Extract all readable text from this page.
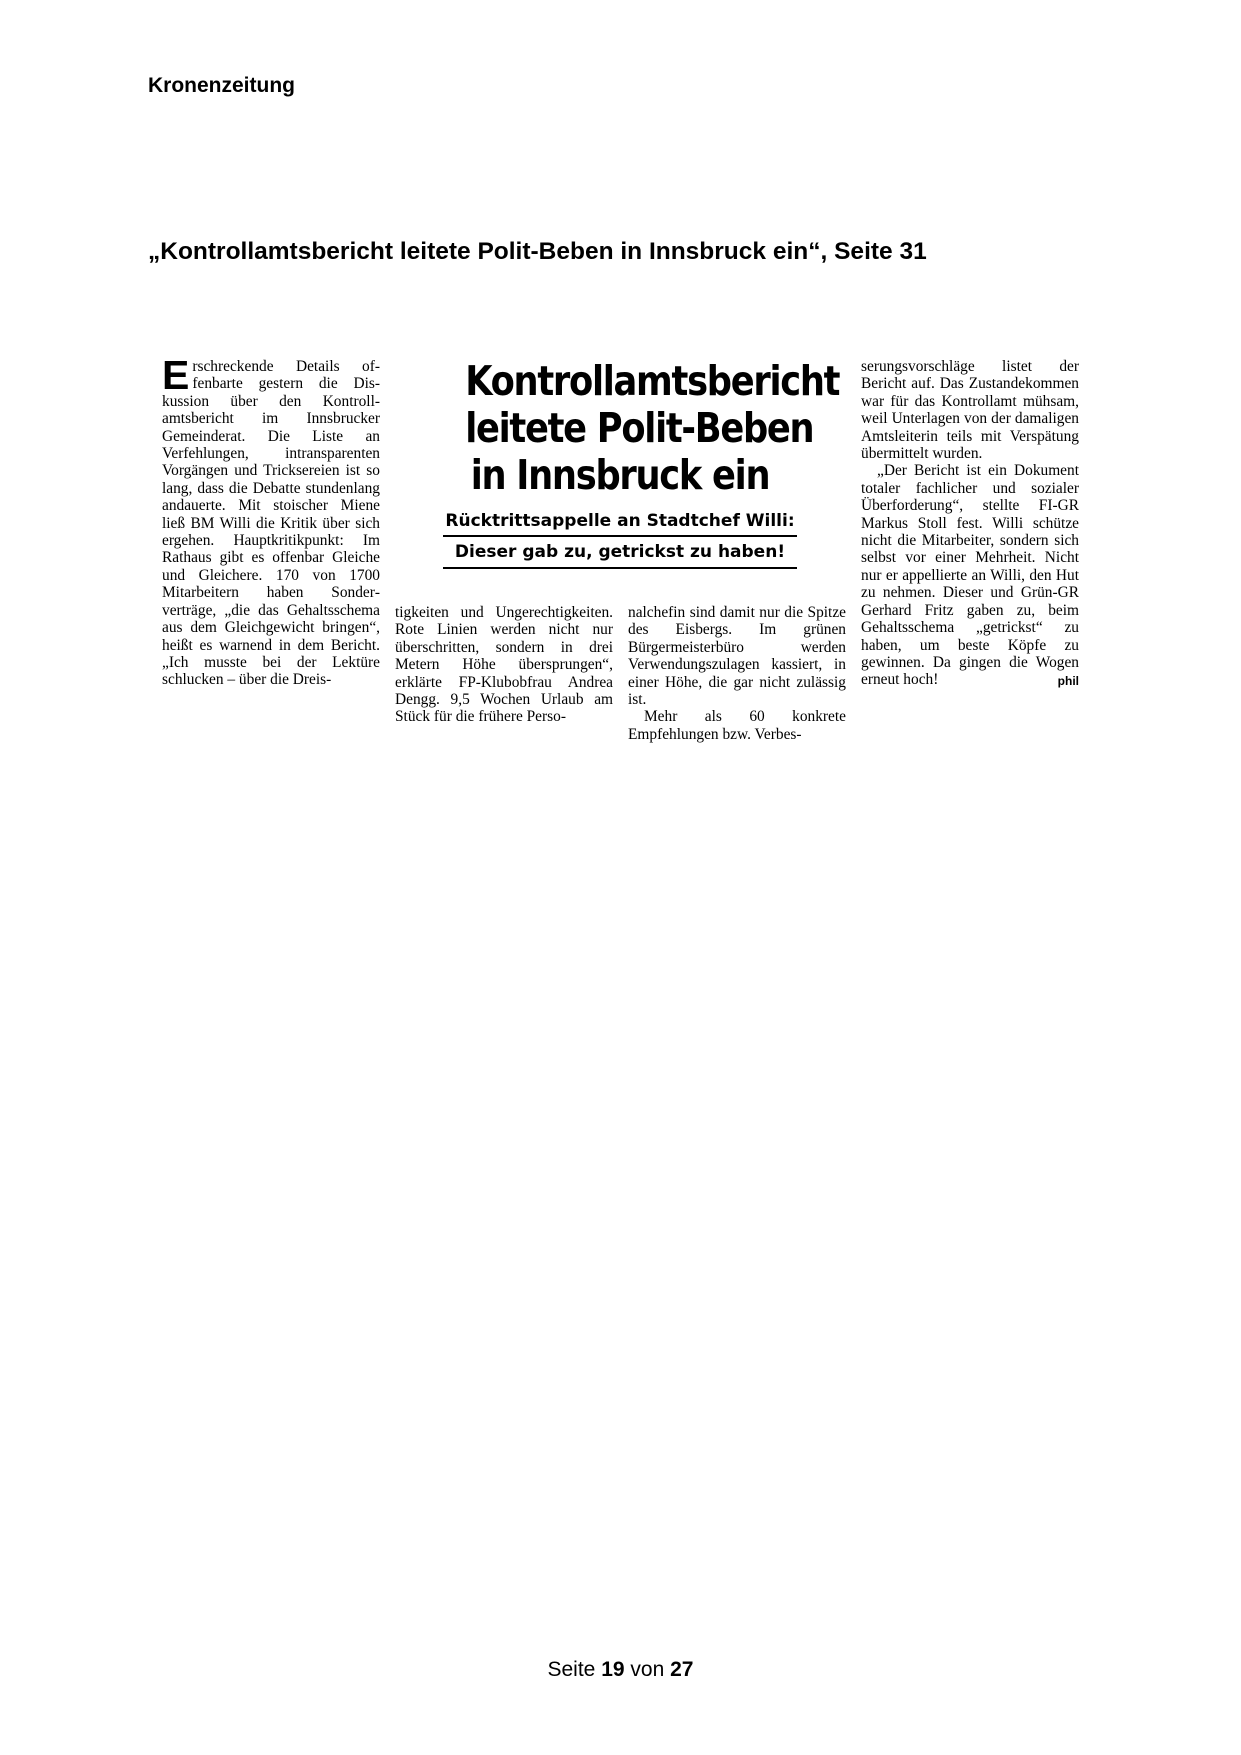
Kronenzeitung
„Kontrollamtsbericht leitete Polit-Beben in Innsbruck ein“, Seite 31

Erschreckende Details offenbarte gestern die Diskussion über den Kontrollamtsbericht im Innsbrucker Gemeinderat. Die Liste an Verfehlungen, intransparenten Vorgängen und Tricksereien ist so lang, dass die Debatte stundenlang andauerte. Mit stoischer Miene ließ BM Willi die Kritik über sich ergehen. Hauptkritikpunkt: Im Rathaus gibt es offenbar Gleiche und Gleichere. 170 von 1700 Mitarbeitern haben Sonderverträge, „die das Gehaltsschema aus dem Gleichgewicht bringen“, heißt es warnend in dem Bericht. „Ich musste bei der Lektüre schlucken – über die Dreis-

Kontrollamtsbericht
leitete Polit-Beben
in Innsbruck ein
Rücktrittsappelle an Stadtchef Willi:
Dieser gab zu, getrickst zu haben!

tigkeiten und Ungerechtigkeiten. Rote Linien werden nicht nur überschritten, sondern in drei Metern Höhe übersprungen“, erklärte FP-Klubobfrau Andrea Dengg. 9,5 Wochen Urlaub am Stück für die frühere Perso-

nalchefin sind damit nur die Spitze des Eisbergs. Im grünen Bürgermeisterbüro werden Verwendungszulagen kassiert, in einer Höhe, die gar nicht zulässig ist.

Mehr als 60 konkrete Empfehlungen bzw. Verbes-

serungsvorschläge listet der Bericht auf. Das Zustandekommen war für das Kontrollamt mühsam, weil Unterlagen von der damaligen Amtsleiterin teils mit Verspätung übermittelt wurden.

„Der Bericht ist ein Dokument totaler fachlicher und sozialer Überforderung“, stellte FI-GR Markus Stoll fest. Willi schütze nicht die Mitarbeiter, sondern sich selbst vor einer Mehrheit. Nicht nur er appellierte an Willi, den Hut zu nehmen. Dieser und Grün-GR Gerhard Fritz gaben zu, beim Gehaltsschema „getrickst“ zu haben, um beste Köpfe zu gewinnen. Da gingen die Wogen erneut hoch!	phil

Seite 19 von 27
